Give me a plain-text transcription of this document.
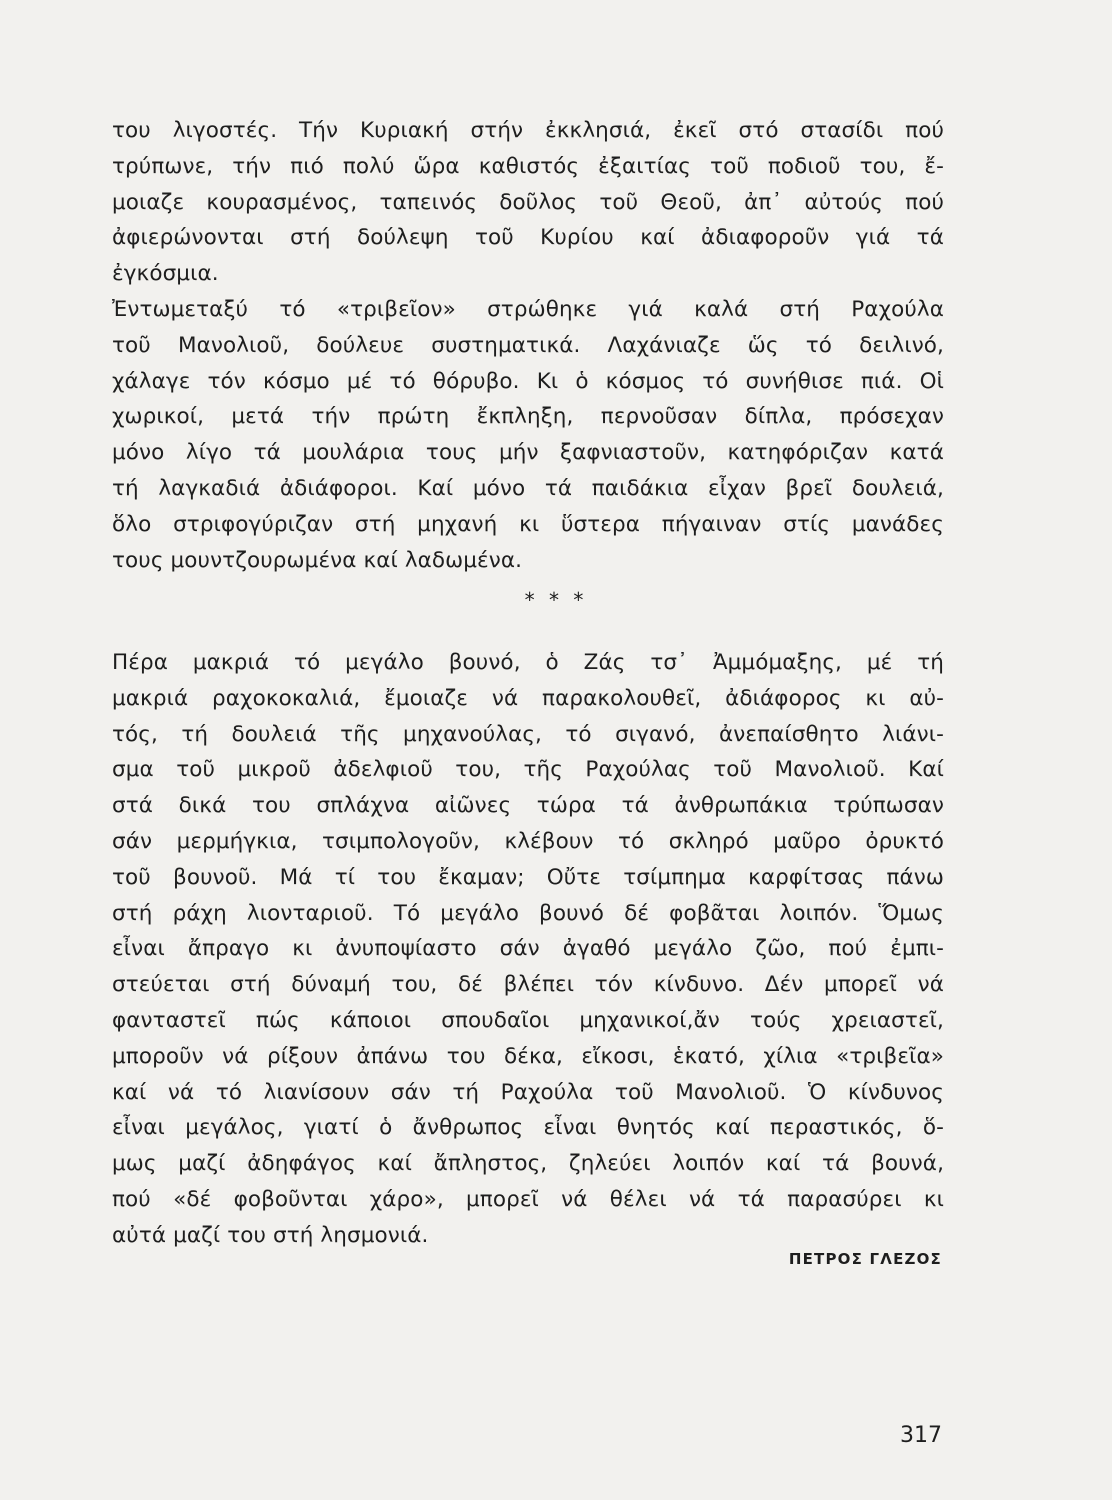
του λιγοστές. Τήν Κυριακή στήν ἐκκλησιά, ἐκεῖ στό στασίδι πού
τρύπωνε, τήν πιό πολύ ὥρα καθιστός ἐξαιτίας τοῦ ποδιοῦ του, ἔ-
μοιαζε κουρασμένος, ταπεινός δοῦλος τοῦ Θεοῦ, ἀπ᾿ αὐτούς πού
ἀφιερώνονται στή δούλεψη τοῦ Κυρίου καί ἀδιαφοροῦν γιά τά
ἐγκόσμια.
Ἐντωμεταξύ τό «τριβεῖον» στρώθηκε γιά καλά στή Ραχούλα
τοῦ Μανολιοῦ, δούλευε συστηματικά. Λαχάνιαζε ὥς τό δειλινό,
χάλαγε τόν κόσμο μέ τό θόρυβο. Κι ὁ κόσμος τό συνήθισε πιά. Οἱ
χωρικοί, μετά τήν πρώτη ἔκπληξη, περνοῦσαν δίπλα, πρόσεχαν
μόνο λίγο τά μουλάρια τους μήν ξαφνιαστοῦν, κατηφόριζαν κατά
τή λαγκαδιά ἀδιάφοροι. Καί μόνο τά παιδάκια εἶχαν βρεῖ δουλειά,
ὅλο στριφογύριζαν στή μηχανή κι ὕστερα πήγαιναν στίς μανάδες
τους μουντζουρωμένα καί λαδωμένα.
* * *
Πέρα μακριά τό μεγάλο βουνό, ὁ Ζάς τσ᾿ Ἀμμόμαξης, μέ τή
μακριά ραχοκοκαλιά, ἔμοιαζε νά παρακολουθεῖ, ἀδιάφορος κι αὐ-
τός, τή δουλειά τῆς μηχανούλας, τό σιγανό, ἀνεπαίσθητο λιάνι-
σμα τοῦ μικροῦ ἀδελφιοῦ του, τῆς Ραχούλας τοῦ Μανολιοῦ. Καί
στά δικά του σπλάχνα αἰῶνες τώρα τά ἀνθρωπάκια τρύπωσαν
σάν μερμήγκια, τσιμπολογοῦν, κλέβουν τό σκληρό μαῦρο ὀρυκτό
τοῦ βουνοῦ. Μά τί του ἔκαμαν; Οὔτε τσίμπημα καρφίτσας πάνω
στή ράχη λιονταριοῦ. Τό μεγάλο βουνό δέ φοβᾶται λοιπόν. Ὅμως
εἶναι ἄπραγο κι ἀνυποψίαστο σάν ἀγαθό μεγάλο ζῶο, πού ἐμπι-
στεύεται στή δύναμή του, δέ βλέπει τόν κίνδυνο. Δέν μπορεῖ νά
φανταστεῖ πώς κάποιοι σπουδαῖοι μηχανικοί,ἄν τούς χρειαστεῖ,
μποροῦν νά ρίξουν ἀπάνω του δέκα, εἴκοσι, ἑκατό, χίλια «τριβεῖα»
καί νά τό λιανίσουν σάν τή Ραχούλα τοῦ Μανολιοῦ. Ὁ κίνδυνος
εἶναι μεγάλος, γιατί ὁ ἄνθρωπος εἶναι θνητός καί περαστικός, ὅ-
μως μαζί ἀδηφάγος καί ἄπληστος, ζηλεύει λοιπόν καί τά βουνά,
πού «δέ φοβοῦνται χάρο», μπορεῖ νά θέλει νά τά παρασύρει κι
αὐτά μαζί του στή λησμονιά.
ΠΕΤΡΟΣ ΓΛΕΖΟΣ
317
